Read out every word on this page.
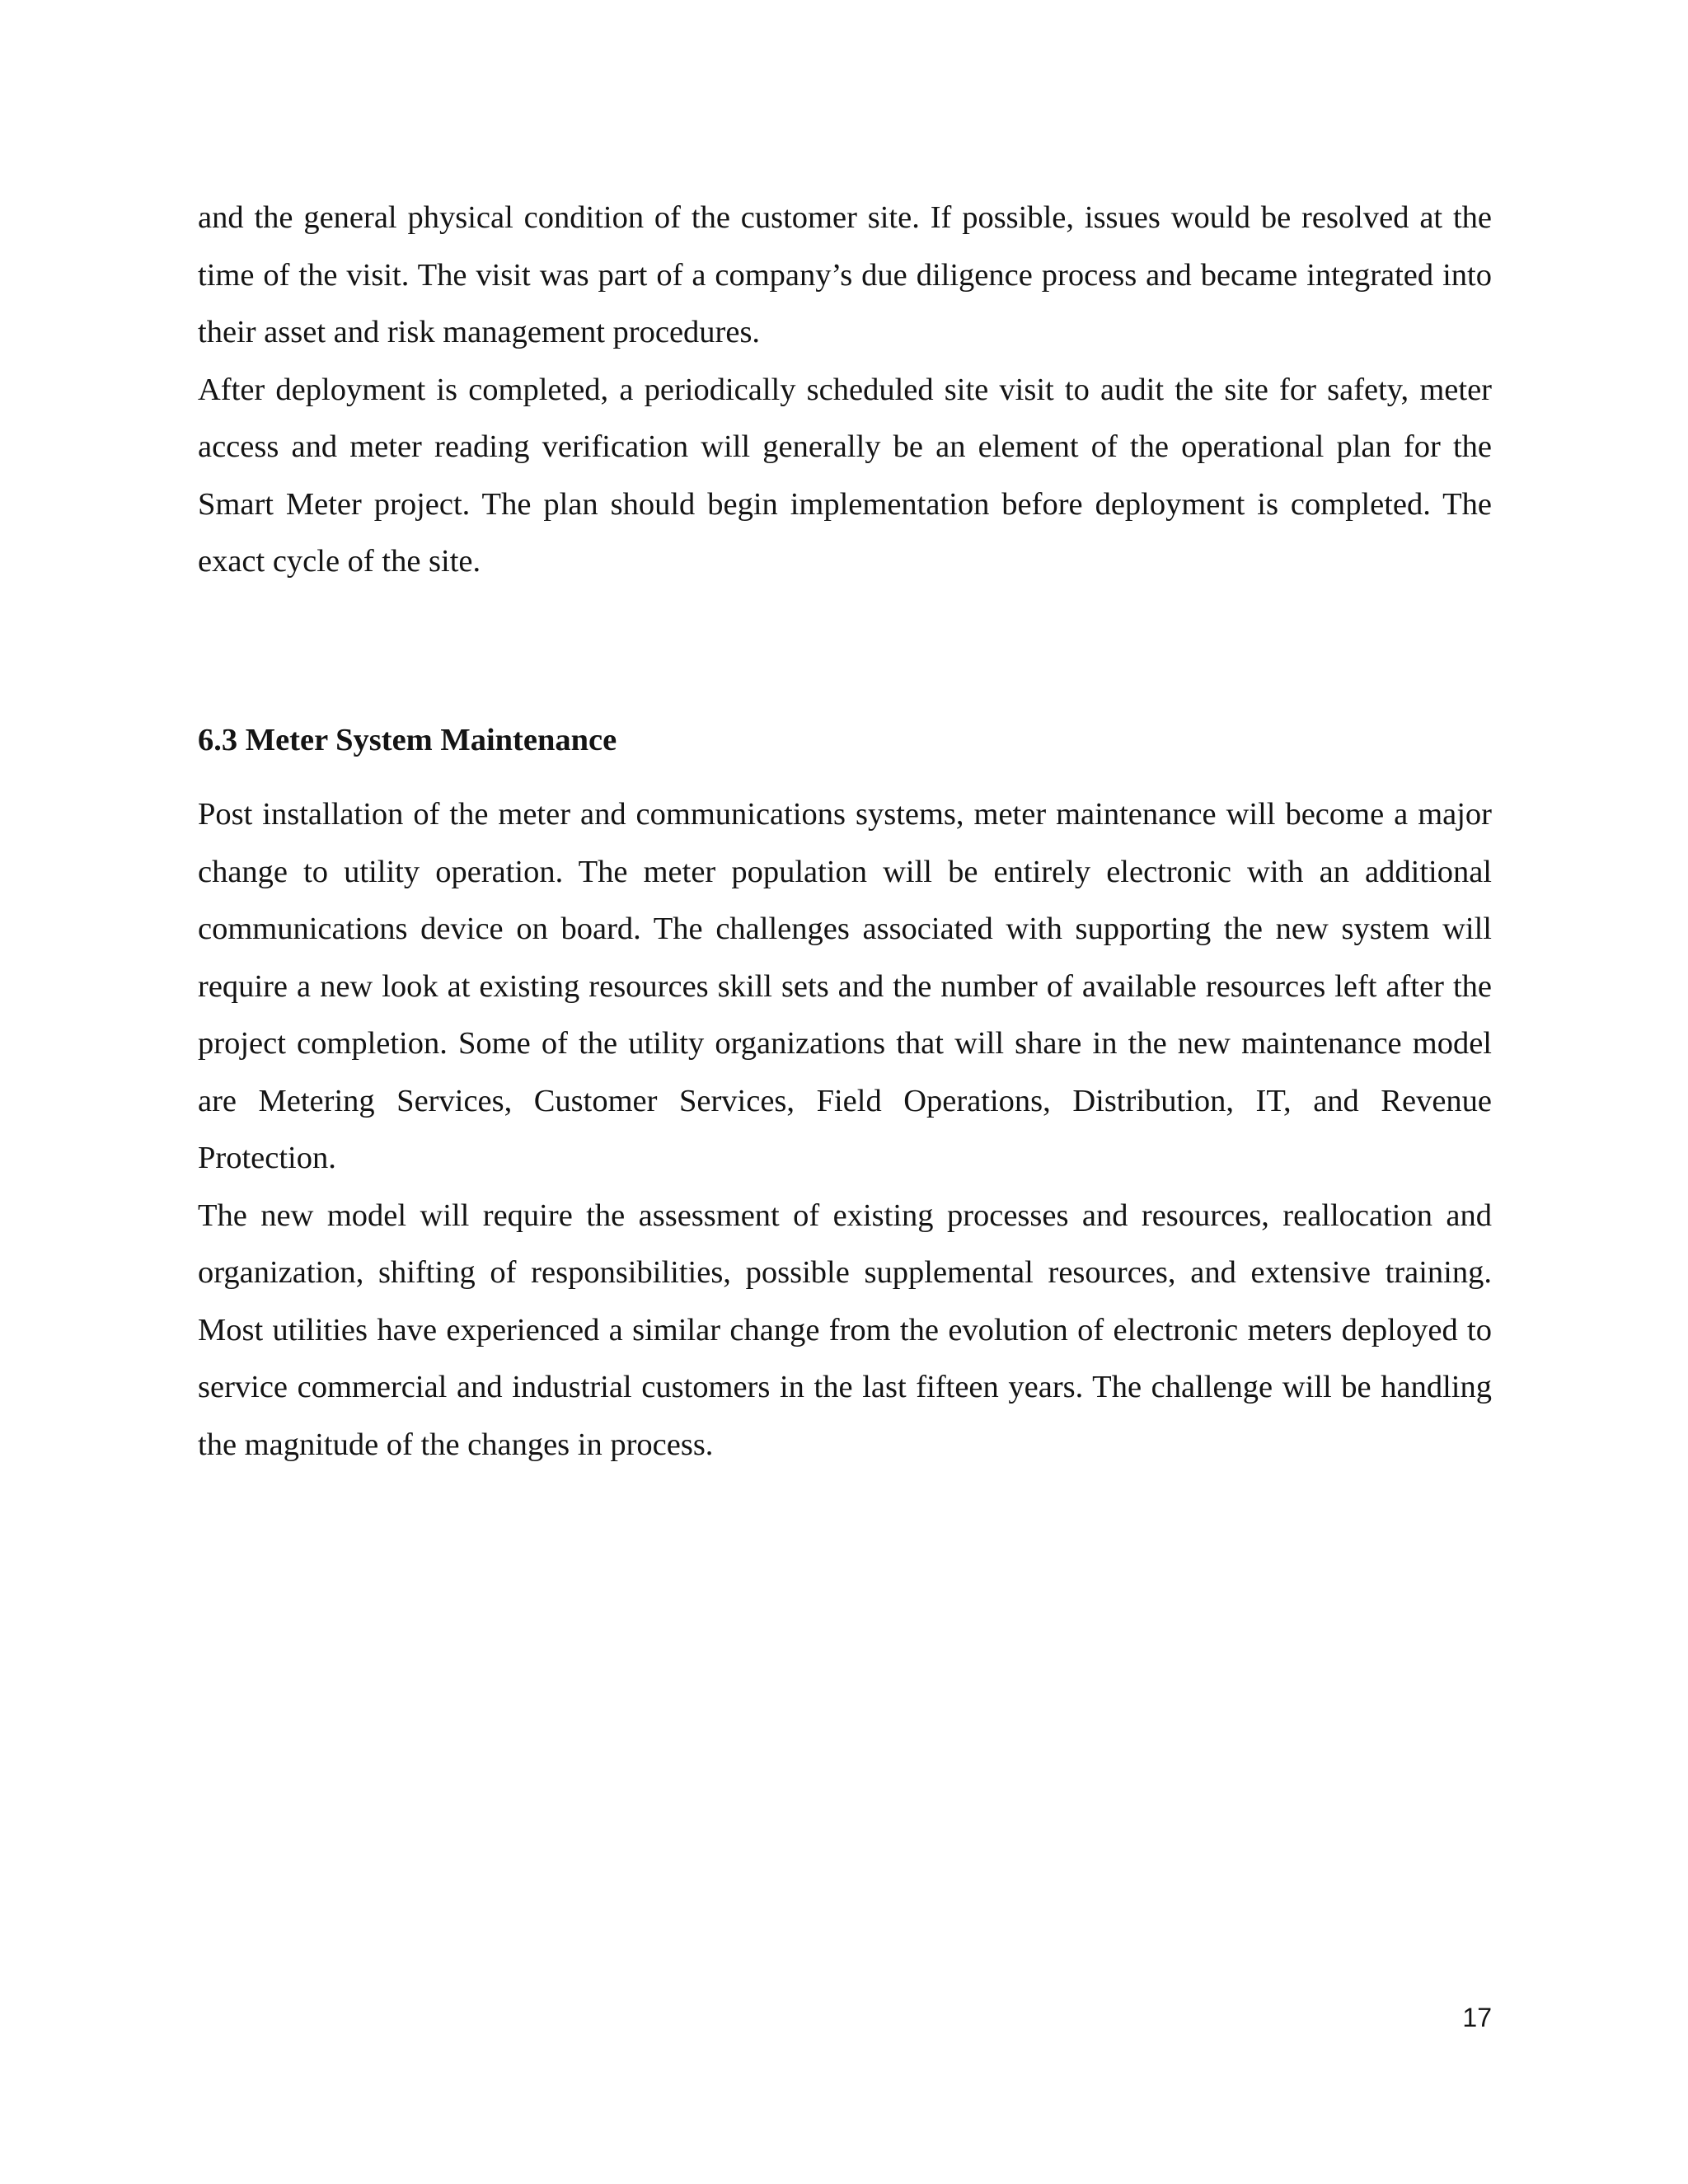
and the general physical condition of the customer site. If possible, issues would be resolved at the time of the visit. The visit was part of a company’s due diligence process and became integrated into their asset and risk management procedures.

After deployment is completed, a periodically scheduled site visit to audit the site for safety, meter access and meter reading verification will generally be an element of the operational plan for the Smart Meter project. The plan should begin implementation before deployment is completed. The exact cycle of the site.

6.3 Meter System Maintenance

Post installation of the meter and communications systems, meter maintenance will become a major change to utility operation. The meter population will be entirely electronic with an additional communications device on board. The challenges associated with supporting the new system will require a new look at existing resources skill sets and the number of available resources left after the project completion. Some of the utility organizations that will share in the new maintenance model are Metering Services, Customer Services, Field Operations, Distribution, IT, and Revenue Protection.

The new model will require the assessment of existing processes and resources, reallocation and organization, shifting of responsibilities, possible supplemental resources, and extensive training. Most utilities have experienced a similar change from the evolution of electronic meters deployed to service commercial and industrial customers in the last fifteen years. The challenge will be handling the magnitude of the changes in process.

17
